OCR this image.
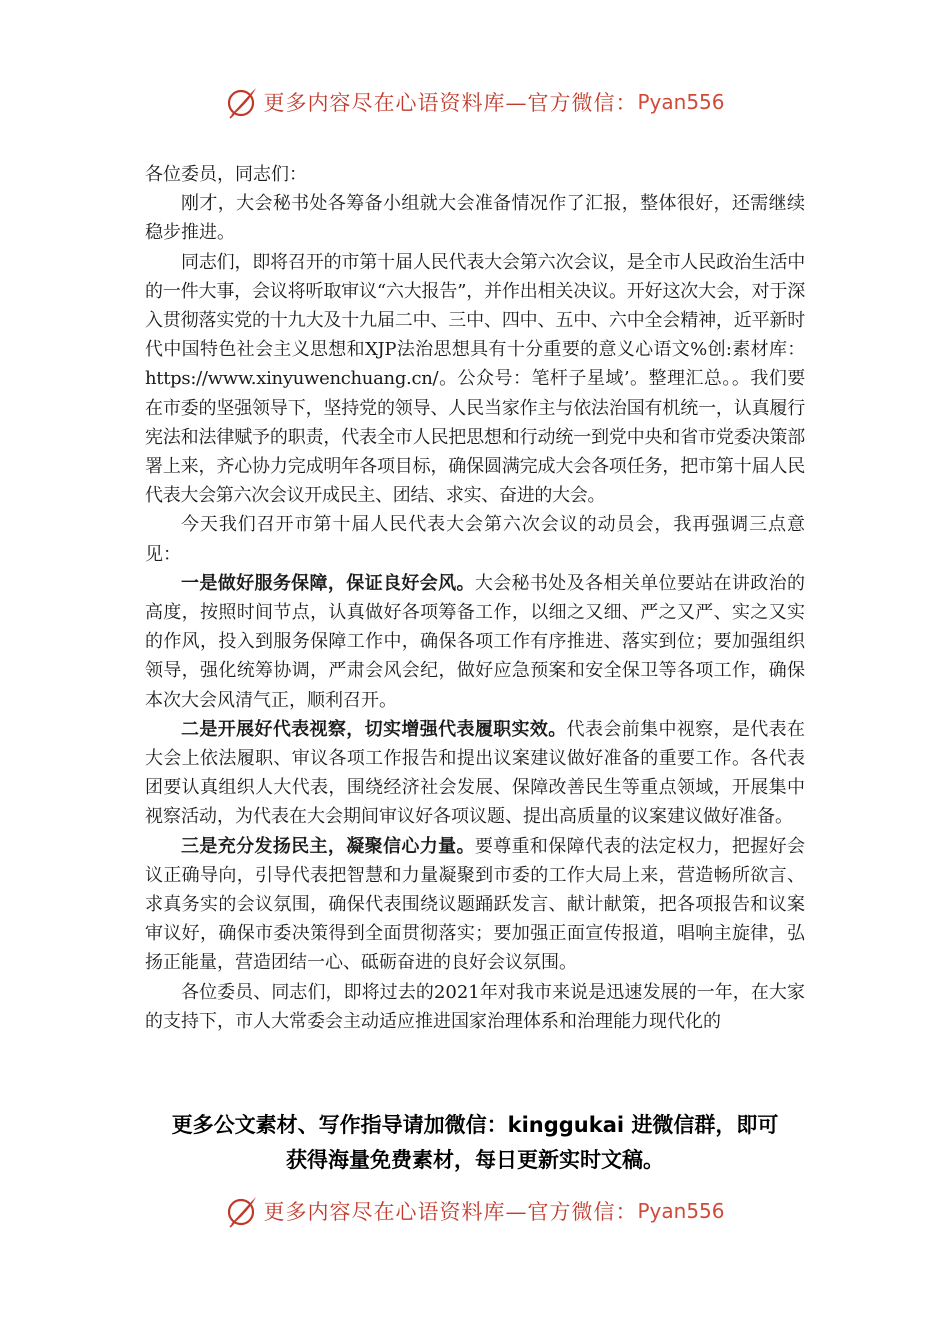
更多内容尽在心语资料库—官方微信： Pyan556

各位委员，同志们：

刚才，大会秘书处各筹备小组就大会准备情况作了汇报，整体很好，还需继续稳步推进。

同志们，即将召开的市第十届人民代表大会第六次会议，是全市人民政治生活中的一件大事，会议将听取审议“六大报告”，并作出相关决议。开好这次大会，对于深入贯彻落实党的十九大及十九届二中、三中、四中、五中、六中全会精神，近平新时代中国特色社会主义思想和XJP法治思想具有十分重要的意义心语文%创:素材库：https://www.xinyuwenchuang.cn/。公众号：笔杆子星域’。整理汇总。。我们要在市委的坚强领导下，坚持党的领导、人民当家作主与依法治国有机统一，认真履行宪法和法律赋予的职责，代表全市人民把思想和行动统一到党中央和省市党委决策部署上来，齐心协力完成明年各项目标，确保圆满完成大会各项任务，把市第十届人民代表大会第六次会议开成民主、团结、求实、奋进的大会。

今天我们召开市第十届人民代表大会第六次会议的动员会，我再强调三点意见：

一是做好服务保障，保证良好会风。大会秘书处及各相关单位要站在讲政治的高度，按照时间节点，认真做好各项筹备工作，以细之又细、严之又严、实之又实的作风，投入到服务保障工作中，确保各项工作有序推进、落实到位；要加强组织领导，强化统筹协调，严肃会风会纪，做好应急预案和安全保卫等各项工作，确保本次大会风清气正，顺利召开。

二是开展好代表视察，切实增强代表履职实效。代表会前集中视察，是代表在大会上依法履职、审议各项工作报告和提出议案建议做好准备的重要工作。各代表团要认真组织人大代表，围绕经济社会发展、保障改善民生等重点领域，开展集中视察活动，为代表在大会期间审议好各项议题、提出高质量的议案建议做好准备。

三是充分发扬民主，凝聚信心力量。要尊重和保障代表的法定权力，把握好会议正确导向，引导代表把智慧和力量凝聚到市委的工作大局上来，营造畅所欲言、求真务实的会议氛围，确保代表围绕议题踊跃发言、献计献策，把各项报告和议案审议好，确保市委决策得到全面贯彻落实；要加强正面宣传报道，唱响主旋律，弘扬正能量，营造团结一心、砥砺奋进的良好会议氛围。

各位委员、同志们，即将过去的2021年对我市来说是迅速发展的一年，在大家的支持下，市人大常委会主动适应推进国家治理体系和治理能力现代化的

更多公文素材、写作指导请加微信：kinggukai 进微信群，即可
获得海量免费素材，每日更新实时文稿。
更多内容尽在心语资料库—官方微信： Pyan556
